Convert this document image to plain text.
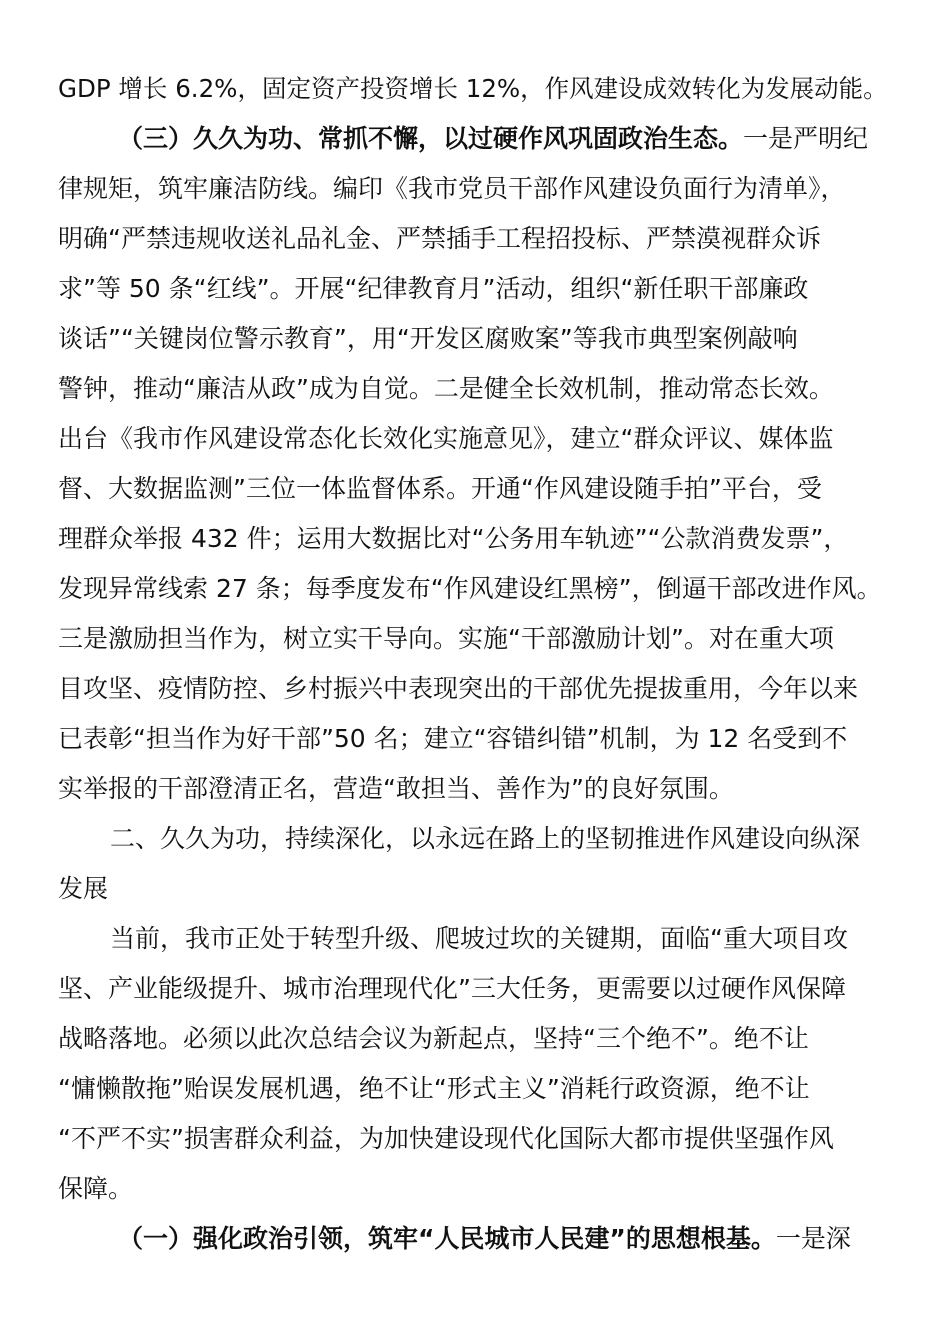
GDP 增长 6.2%，固定资产投资增长 12%，作风建设成效转化为发展动能。
（三）久久为功、常抓不懈，以过硬作风巩固政治生态。一是严明纪
律规矩，筑牢廉洁防线。编印《我市党员干部作风建设负面行为清单》，
明确“严禁违规收送礼品礼金、严禁插手工程招投标、严禁漠视群众诉
求”等 50 条“红线”。开展“纪律教育月”活动，组织“新任职干部廉政
谈话”“关键岗位警示教育”，用“开发区腐败案”等我市典型案例敲响
警钟，推动“廉洁从政”成为自觉。二是健全长效机制，推动常态长效。
出台《我市作风建设常态化长效化实施意见》，建立“群众评议、媒体监
督、大数据监测”三位一体监督体系。开通“作风建设随手拍”平台，受
理群众举报 432 件；运用大数据比对“公务用车轨迹”“公款消费发票”，
发现异常线索 27 条；每季度发布“作风建设红黑榜”，倒逼干部改进作风。
三是激励担当作为，树立实干导向。实施“干部激励计划”。对在重大项
目攻坚、疫情防控、乡村振兴中表现突出的干部优先提拔重用，今年以来
已表彰“担当作为好干部”50 名；建立“容错纠错”机制，为 12 名受到不
实举报的干部澄清正名，营造“敢担当、善作为”的良好氛围。
二、久久为功，持续深化，以永远在路上的坚韧推进作风建设向纵深
发展
当前，我市正处于转型升级、爬坡过坎的关键期，面临“重大项目攻
坚、产业能级提升、城市治理现代化”三大任务，更需要以过硬作风保障
战略落地。必须以此次总结会议为新起点，坚持“三个绝不”。绝不让
“慵懒散拖”贻误发展机遇，绝不让“形式主义”消耗行政资源，绝不让
“不严不实”损害群众利益，为加快建设现代化国际大都市提供坚强作风
保障。
（一）强化政治引领，筑牢“人民城市人民建”的思想根基。一是深
